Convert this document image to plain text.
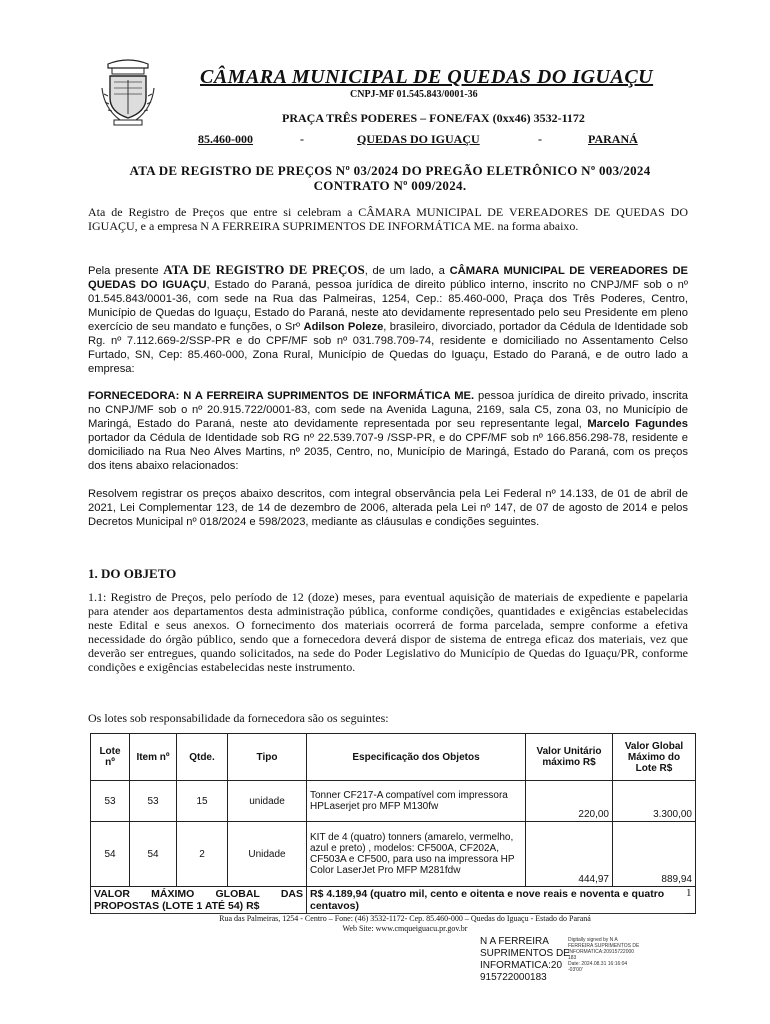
CÂMARA MUNICIPAL DE QUEDAS DO IGUAÇU
CNPJ-MF 01.545.843/0001-36
PRAÇA TRÊS PODERES – FONE/FAX (0xx46) 3532-1172
85.460-000	-	QUEDAS DO IGUAÇU	-	PARANÁ
ATA DE REGISTRO DE PREÇOS Nº 03/2024 DO PREGÃO ELETRÔNICO Nº 003/2024
CONTRATO Nº 009/2024.
Ata de Registro de Preços que entre si celebram a CÂMARA MUNICIPAL DE VEREADORES DE QUEDAS DO IGUAÇU, e a empresa N A FERREIRA SUPRIMENTOS DE INFORMÁTICA ME. na forma abaixo.
Pela presente ATA DE REGISTRO DE PREÇOS, de um lado, a CÂMARA MUNICIPAL DE VEREADORES DE QUEDAS DO IGUAÇU, Estado do Paraná, pessoa jurídica de direito público interno, inscrito no CNPJ/MF sob o nº 01.545.843/0001-36, com sede na Rua das Palmeiras, 1254, Cep.: 85.460-000, Praça dos Três Poderes, Centro, Município de Quedas do Iguaçu, Estado do Paraná, neste ato devidamente representado pelo seu Presidente em pleno exercício de seu mandato e funções, o Srº Adilson Poleze, brasileiro, divorciado, portador da Cédula de Identidade sob Rg. nº 7.112.669-2/SSP-PR e do CPF/MF sob nº 031.798.709-74, residente e domiciliado no Assentamento Celso Furtado, SN, Cep: 85.460-000, Zona Rural, Município de Quedas do Iguaçu, Estado do Paraná, e de outro lado a empresa:
FORNECEDORA: N A FERREIRA SUPRIMENTOS DE INFORMÁTICA ME. pessoa jurídica de direito privado, inscrita no CNPJ/MF sob o nº 20.915.722/0001-83, com sede na Avenida Laguna, 2169, sala C5, zona 03, no Município de Maringá, Estado do Paraná, neste ato devidamente representada por seu representante legal, Marcelo Fagundes portador da Cédula de Identidade sob RG nº 22.539.707-9 /SSP-PR, e do CPF/MF sob nº 166.856.298-78, residente e domiciliado na Rua Neo Alves Martins, nº 2035, Centro, no, Município de Maringá, Estado do Paraná, com os preços dos itens abaixo relacionados:
Resolvem registrar os preços abaixo descritos, com integral observância pela Lei Federal nº 14.133, de 01 de abril de 2021, Lei Complementar 123, de 14 de dezembro de 2006, alterada pela Lei nº 147, de 07 de agosto de 2014 e pelos Decretos Municipal nº 018/2024 e 598/2023, mediante as cláusulas e condições seguintes.
1. DO OBJETO
1.1: Registro de Preços, pelo período de 12 (doze) meses, para eventual aquisição de materiais de expediente e papelaria para atender aos departamentos desta administração pública, conforme condições, quantidades e exigências estabelecidas neste Edital e seus anexos. O fornecimento dos materiais ocorrerá de forma parcelada, sempre conforme a efetiva necessidade do órgão público, sendo que a fornecedora deverá dispor de sistema de entrega eficaz dos materiais, vez que deverão ser entregues, quando solicitados, na sede do Poder Legislativo do Município de Quedas do Iguaçu/PR, conforme condições e exigências estabelecidas neste instrumento.
Os lotes sob responsabilidade da fornecedora são os seguintes:
Lote nº	Item nº	Qtde.	Tipo	Especificação dos Objetos	Valor Unitário máximo R$	Valor Global Máximo do Lote R$
53	53	15	unidade	Tonner CF217-A compatível com impressora HPLaserjet pro MFP M130fw	220,00	3.300,00
54	54	2	Unidade	KIT de 4 (quatro) tonners (amarelo, vermelho, azul e preto) , modelos: CF500A, CF202A, CF503A e CF500, para uso na impressora HP Color LaserJet Pro MFP M281fdw	444,97	889,94
VALOR MÁXIMO GLOBAL DAS PROPOSTAS (LOTE 1 ATÉ 54) R$				R$ 4.189,94 (quatro mil, cento e oitenta e nove reais e noventa e quatro centavos)		
1
Rua das Palmeiras, 1254 - Centro – Fone: (46) 3532-1172- Cep. 85.460-000 – Quedas do Iguaçu - Estado do Paraná
Web Site: www.cmqueiguacu.pr.gov.br
N A FERREIRA
SUPRIMENTOS DE
INFORMATICA:20
915722000183
Digitally signed by N A
FERREIRA SUPRIMENTOS DE
INFORMATICA:20915722000
183
Date: 2024.08.31 16:16:04
-03'00'
